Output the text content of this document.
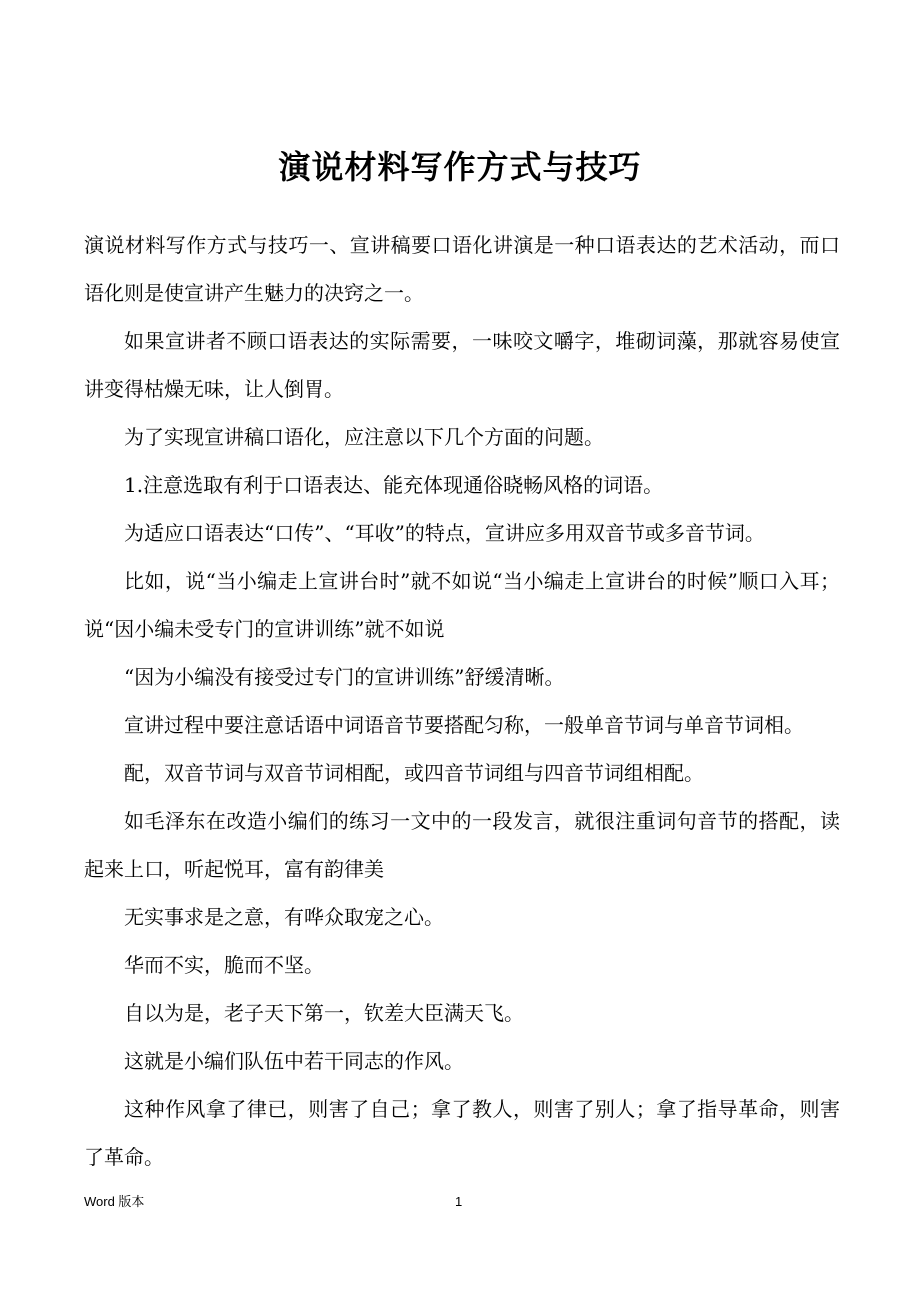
演说材料写作方式与技巧

演说材料写作方式与技巧一、宣讲稿要口语化讲演是一种口语表达的艺术活动，而口语化则是使宣讲产生魅力的决窍之一。

如果宣讲者不顾口语表达的实际需要，一味咬文嚼字，堆砌词藻，那就容易使宣讲变得枯燥无味，让人倒胃。

为了实现宣讲稿口语化，应注意以下几个方面的问题。

1.注意选取有利于口语表达、能充体现通俗晓畅风格的词语。

为适应口语表达“口传”、“耳收”的特点，宣讲应多用双音节或多音节词。

比如，说“当小编走上宣讲台时”就不如说“当小编走上宣讲台的时候”顺口入耳；说“因小编未受专门的宣讲训练”就不如说

“因为小编没有接受过专门的宣讲训练”舒缓清晰。

宣讲过程中要注意话语中词语音节要搭配匀称，一般单音节词与单音节词相。

配，双音节词与双音节词相配，或四音节词组与四音节词组相配。

如毛泽东在改造小编们的练习一文中的一段发言，就很注重词句音节的搭配，读起来上口，听起悦耳，富有韵律美

无实事求是之意，有哗众取宠之心。

华而不实，脆而不坚。

自以为是，老子天下第一，钦差大臣满天飞。

这就是小编们队伍中若干同志的作风。

这种作风拿了律已，则害了自己；拿了教人，则害了别人；拿了指导革命，则害了革命。

Word 版本	1
